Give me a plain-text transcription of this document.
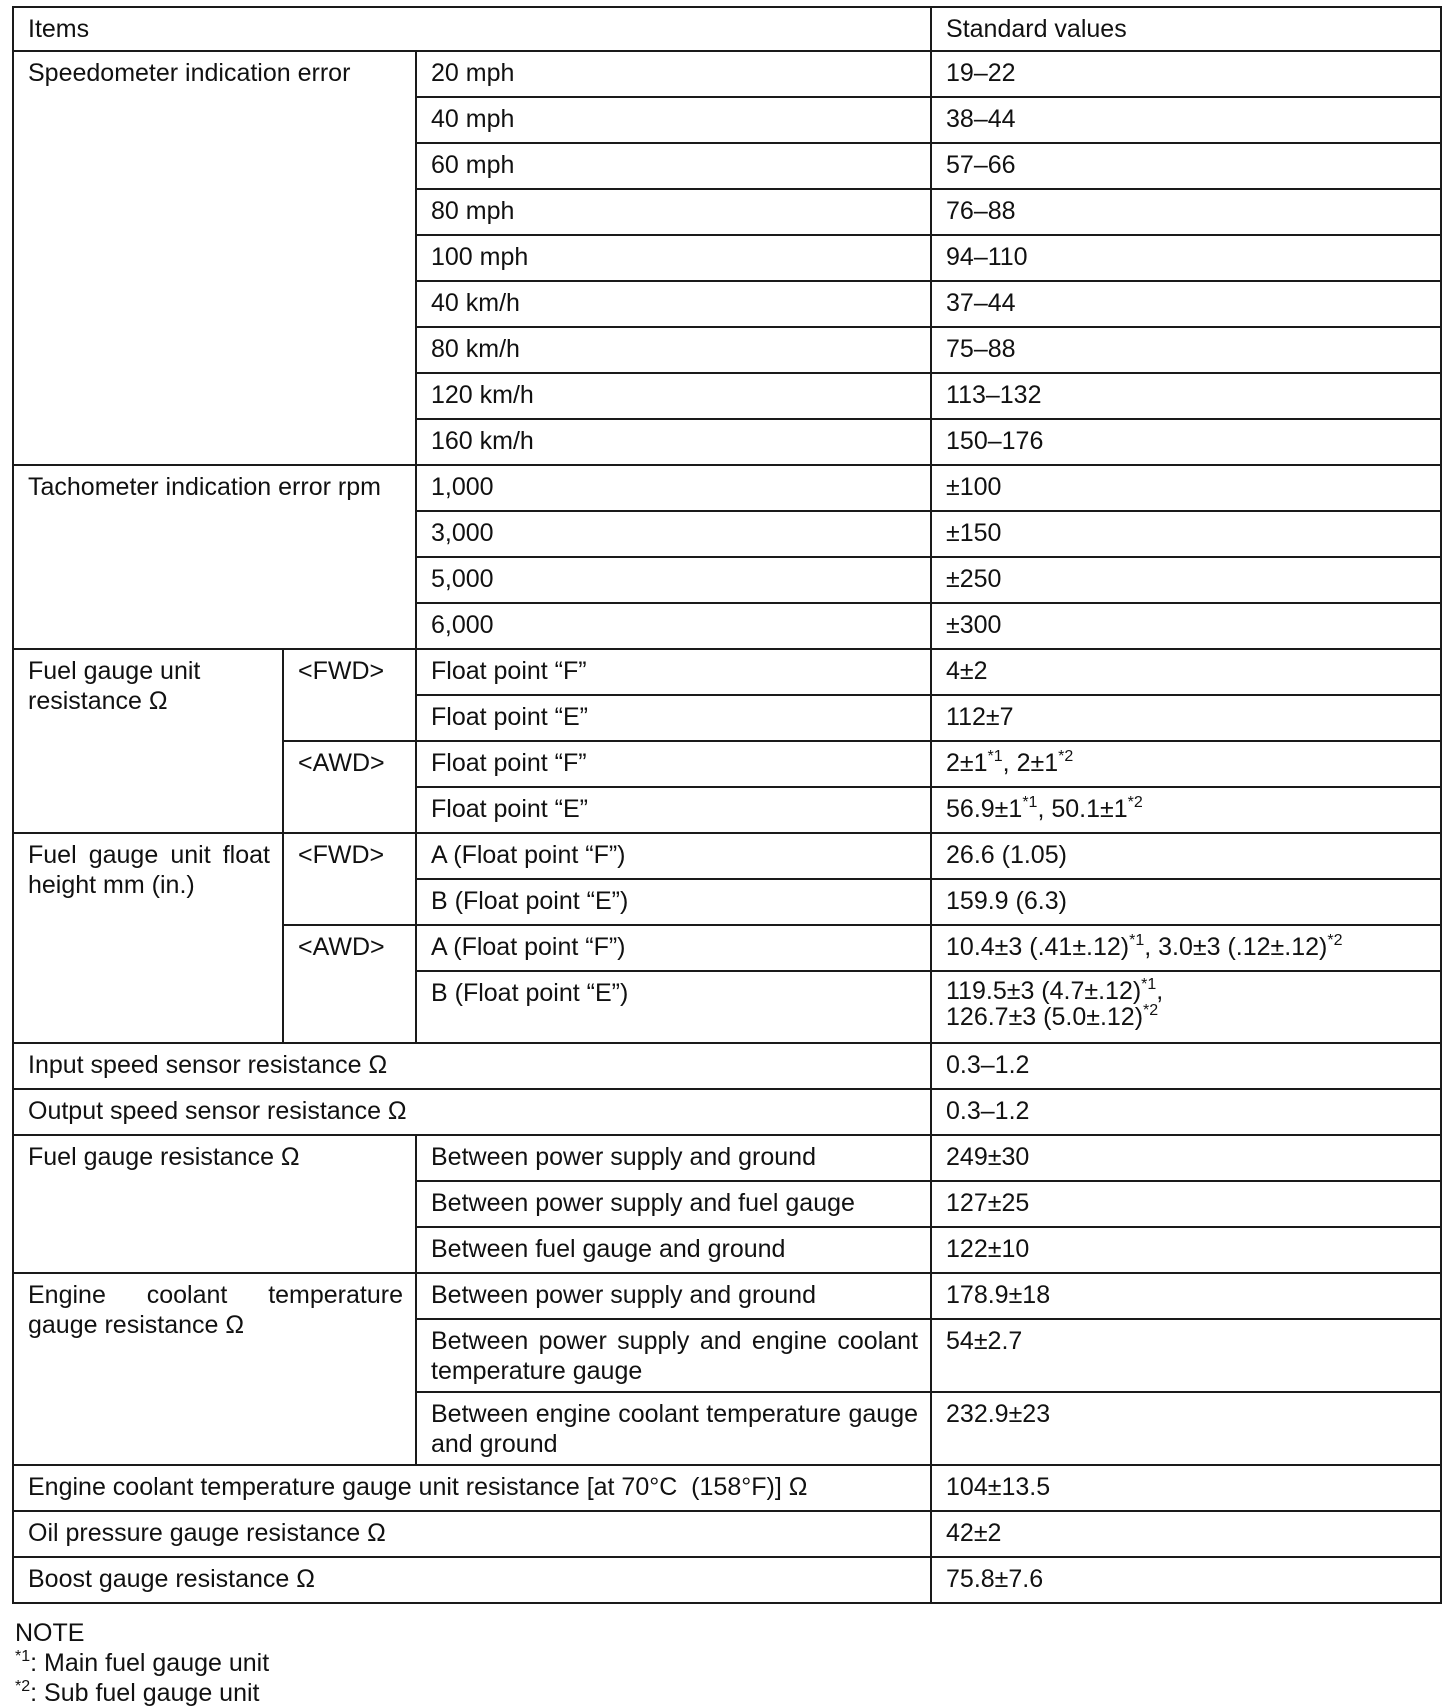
Items			Standard values
Speedometer indication error		20 mph	19–22
		40 mph	38–44
		60 mph	57–66
		80 mph	76–88
		100 mph	94–110
		40 km/h	37–44
		80 km/h	75–88
		120 km/h	113–132
		160 km/h	150–176
Tachometer indication error rpm		1,000	±100
		3,000	±150
		5,000	±250
		6,000	±300
Fuel gauge unit resistance Ω	<FWD>	Float point “F”	4±2
		Float point “E”	112±7
	<AWD>	Float point “F”	$2\pm 1^{*1}$, $2\pm 1^{*2}$
		Float point “E”	$56.9\pm 1^{*1}$, $50.1\pm 1^{*2}$
Fuel gauge unit float height mm (in.)	<FWD>	A (Float point “F”)	26.6 (1.05)
		B (Float point “E”)	159.9 (6.3)
	<AWD>	A (Float point “F”)	10.4±3 $(.41\pm.12)^{*1}$, 3.0±3 $(.12\pm.12)^{*2}$
		B (Float point “E”)	119.5±3 $(4.7\pm.12)^{*1}$,
126.7±3 $(5.0\pm.12)^{*2}$
Input speed sensor resistance Ω			0.3–1.2
Output speed sensor resistance Ω			0.3–1.2
Fuel gauge resistance Ω		Between power supply and ground	249±30
		Between power supply and fuel gauge	127±25
		Between fuel gauge and ground	122±10
Engine coolant temperature gauge resistance Ω		Between power supply and ground	178.9±18
		Between power supply and engine coolant temperature gauge	54±2.7
		Between engine coolant temperature gauge and ground	232.9±23
Engine coolant temperature gauge unit resistance [at 70°C  (158°F)] Ω			104±13.5
Oil pressure gauge resistance Ω			42±2
Boost gauge resistance Ω			75.8±7.6
NOTE
$^{*1}$: Main fuel gauge unit
$^{*2}$: Sub fuel gauge unit
